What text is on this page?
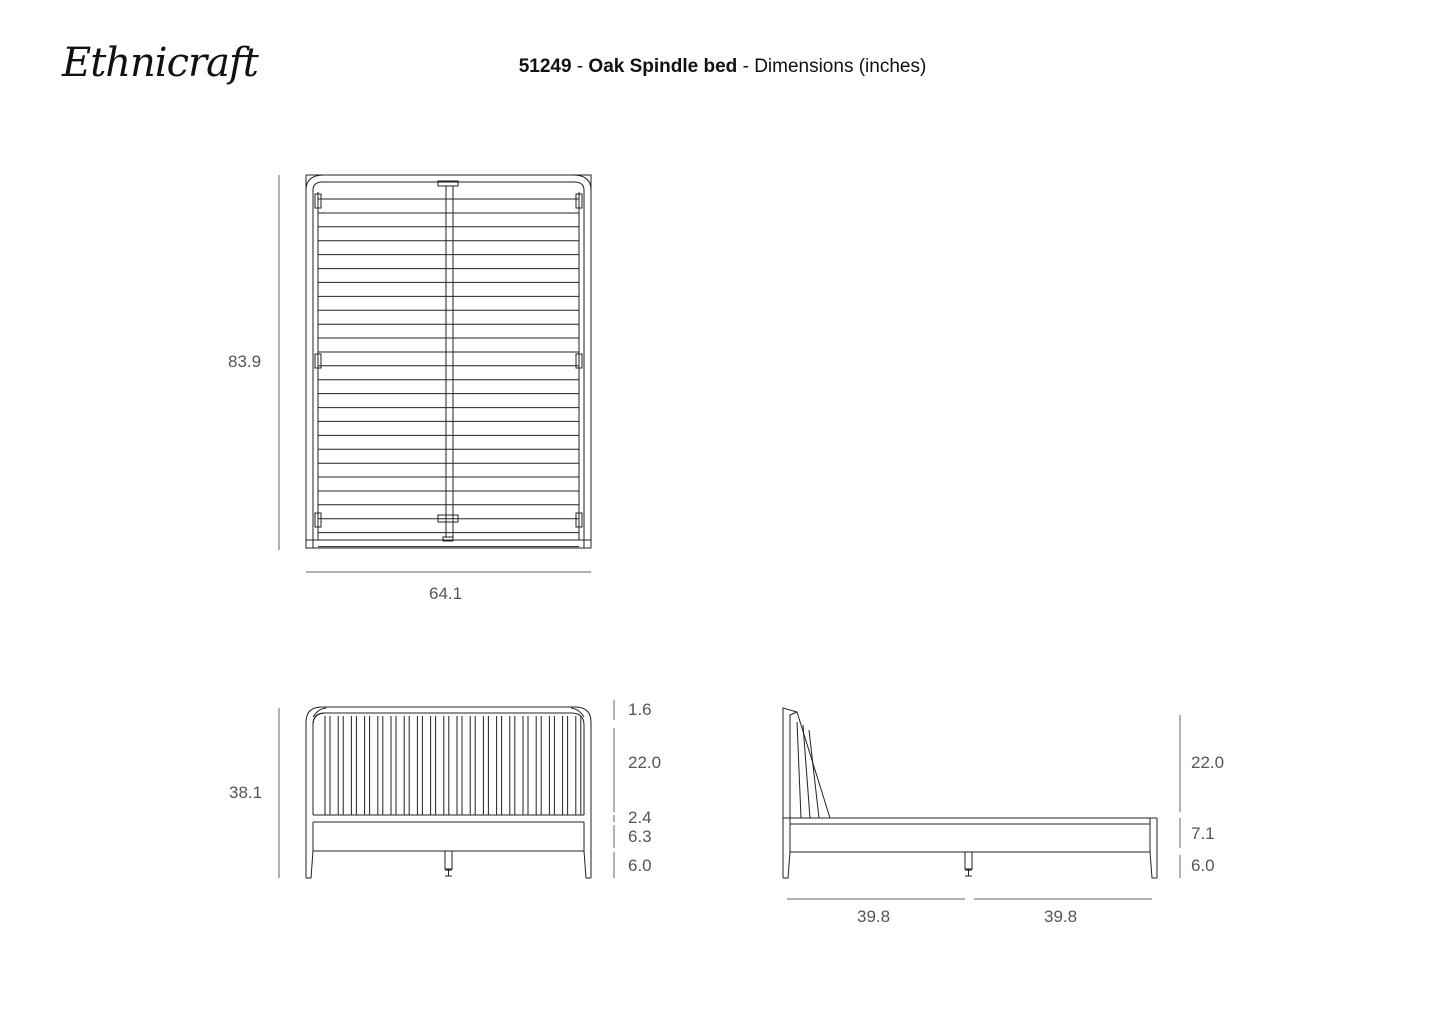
Ethnicraft	51249 - Oak Spindle bed - Dimensions (inches)
83.9
64.1
38.1
1.6
22.0
2.4
6.3
6.0
22.0
7.1
6.0
39.8	39.8
